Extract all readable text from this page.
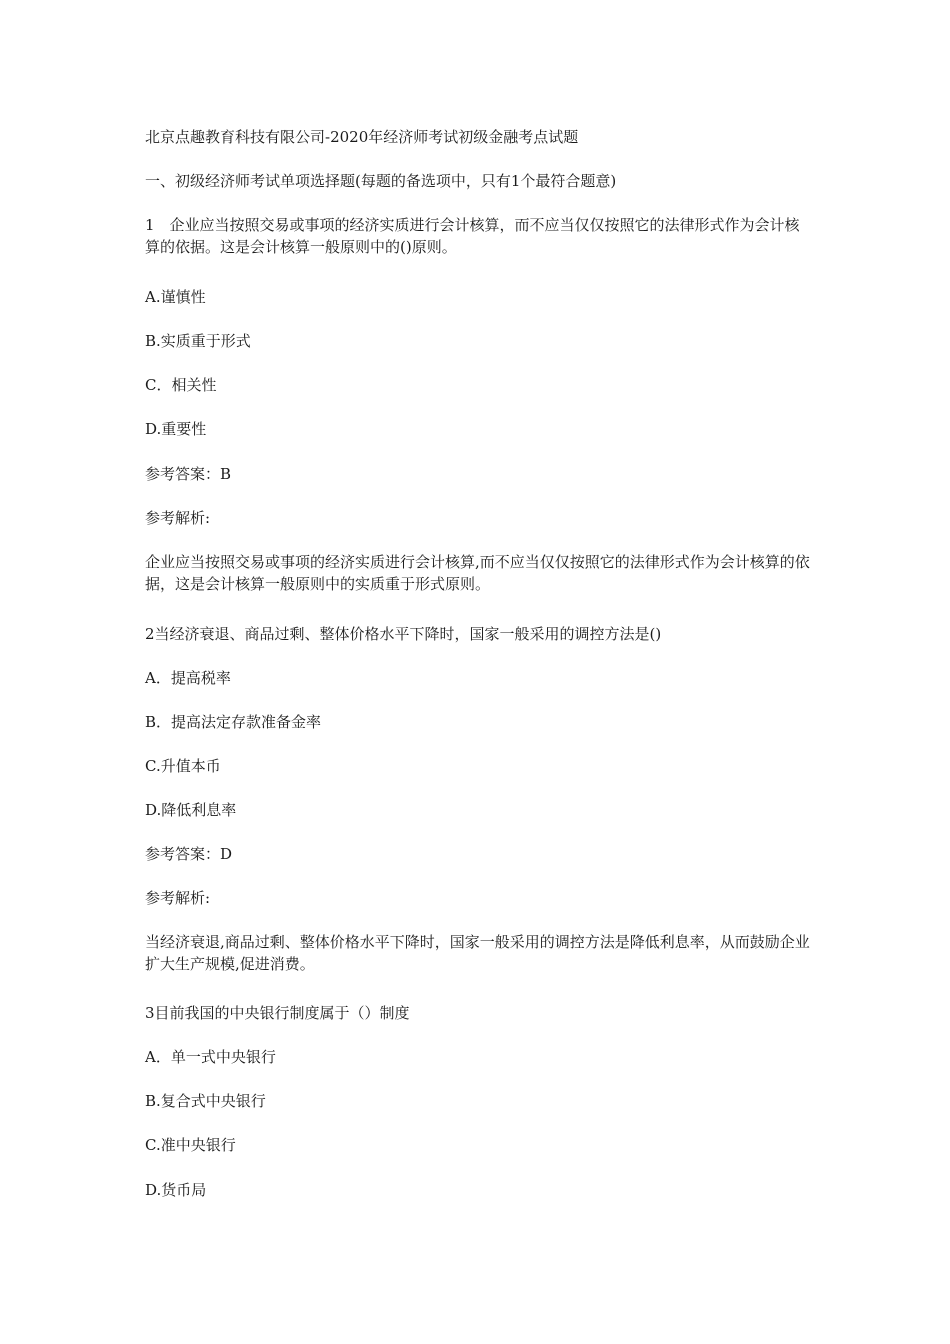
北京点趣教育科技有限公司-2020年经济师考试初级金融考点试题
一、初级经济师考试单项选择题(每题的备选项中，只有1个最符合题意)
1　企业应当按照交易或事项的经济实质进行会计核算，而不应当仅仅按照它的法律形式作为会计核算的依据。这是会计核算一般原则中的()原则。
A.谨慎性
B.实质重于形式
C．相关性
D.重要性
参考答案：B
参考解析:
企业应当按照交易或事项的经济实质进行会计核算,而不应当仅仅按照它的法律形式作为会计核算的依据，这是会计核算一般原则中的实质重于形式原则。
2当经济衰退、商品过剩、整体价格水平下降时，国家一般采用的调控方法是()
A．提高税率
B．提高法定存款准备金率
C.升值本币
D.降低利息率
参考答案：D
参考解析:
当经济衰退,商品过剩、整体价格水平下降时，国家一般采用的调控方法是降低利息率，从而鼓励企业扩大生产规模,促进消费。
3目前我国的中央银行制度属于（）制度
A．单一式中央银行
B.复合式中央银行
C.准中央银行
D.货币局
